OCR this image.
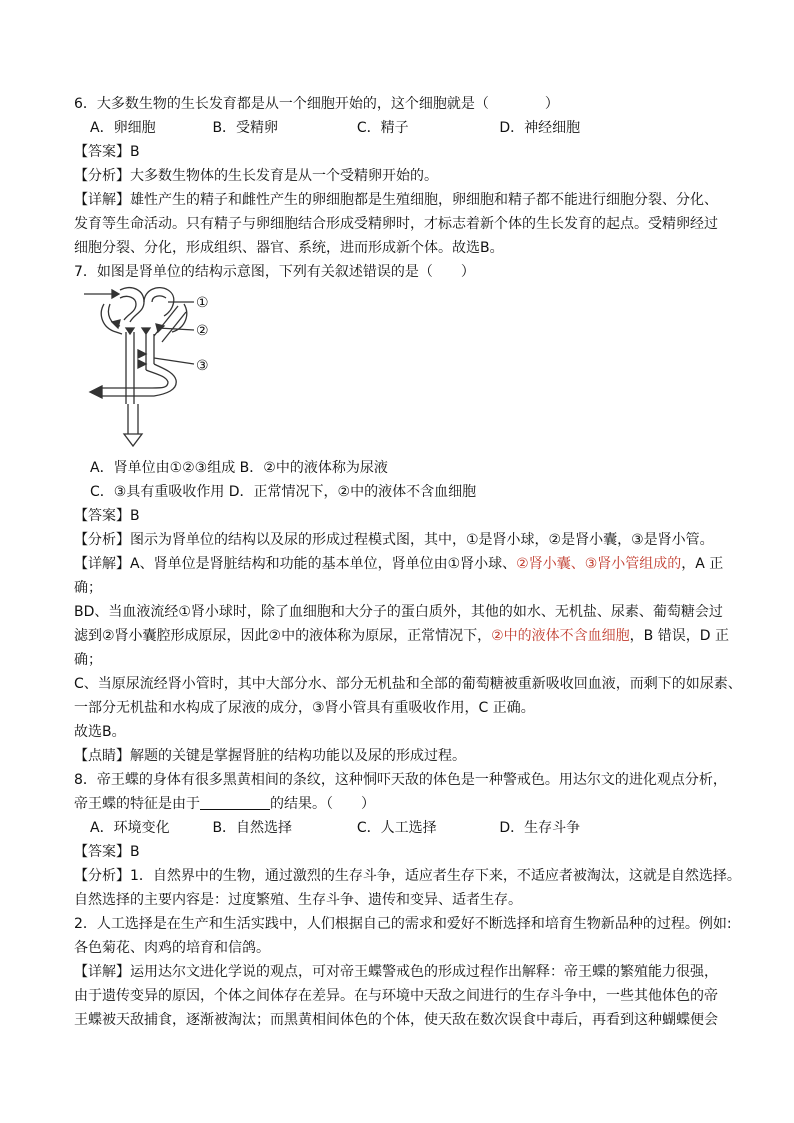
6．大多数生物的生长发育都是从一个细胞开始的，这个细胞就是（　　　　）
A．卵细胞	B．受精卵	C．精子	D．神经细胞
【答案】B
【分析】大多数生物体的生长发育是从一个受精卵开始的。
【详解】雄性产生的精子和雌性产生的卵细胞都是生殖细胞，卵细胞和精子都不能进行细胞分裂、分化、
发育等生命活动。只有精子与卵细胞结合形成受精卵时，才标志着新个体的生长发育的起点。受精卵经过
细胞分裂、分化，形成组织、器官、系统，进而形成新个体。故选B。
7．如图是肾单位的结构示意图，下列有关叙述错误的是（　　）
①
②
③
A．肾单位由①②③组成 B．②中的液体称为尿液
C．③具有重吸收作用 D．正常情况下，②中的液体不含血细胞
【答案】B
【分析】图示为肾单位的结构以及尿的形成过程模式图，其中，①是肾小球，②是肾小囊，③是肾小管。
【详解】A、肾单位是肾脏结构和功能的基本单位，肾单位由①肾小球、②肾小囊、③肾小管组成的，A 正
确；
BD、当血液流经①肾小球时，除了血细胞和大分子的蛋白质外，其他的如水、无机盐、尿素、葡萄糖会过
滤到②肾小囊腔形成原尿，因此②中的液体称为原尿，正常情况下，②中的液体不含血细胞，B 错误，D 正
确；
C、当原尿流经肾小管时，其中大部分水、部分无机盐和全部的葡萄糖被重新吸收回血液，而剩下的如尿素、
一部分无机盐和水构成了尿液的成分，③肾小管具有重吸收作用，C 正确。
故选B。
【点睛】解题的关键是掌握肾脏的结构功能以及尿的形成过程。
8．帝王蝶的身体有很多黑黄相间的条纹，这种恫吓天敌的体色是一种警戒色。用达尔文的进化观点分析，
帝王蝶的特征是由于	的结果。（　　）
A．环境变化	B．自然选择	C．人工选择	D．生存斗争
【答案】B
【分析】1．自然界中的生物，通过激烈的生存斗争，适应者生存下来，不适应者被淘汰，这就是自然选择。
自然选择的主要内容是：过度繁殖、生存斗争、遗传和变异、适者生存。
2．人工选择是在生产和生活实践中，人们根据自己的需求和爱好不断选择和培育生物新品种的过程。例如:
各色菊花、肉鸡的培育和信鸽。
【详解】运用达尔文进化学说的观点，可对帝王蝶警戒色的形成过程作出解释：帝王蝶的繁殖能力很强，
由于遗传变异的原因，个体之间体存在差异。在与环境中天敌之间进行的生存斗争中，一些其他体色的帝
王蝶被天敌捕食，逐渐被淘汰；而黑黄相间体色的个体，使天敌在数次误食中毒后，再看到这种蝴蝶便会
